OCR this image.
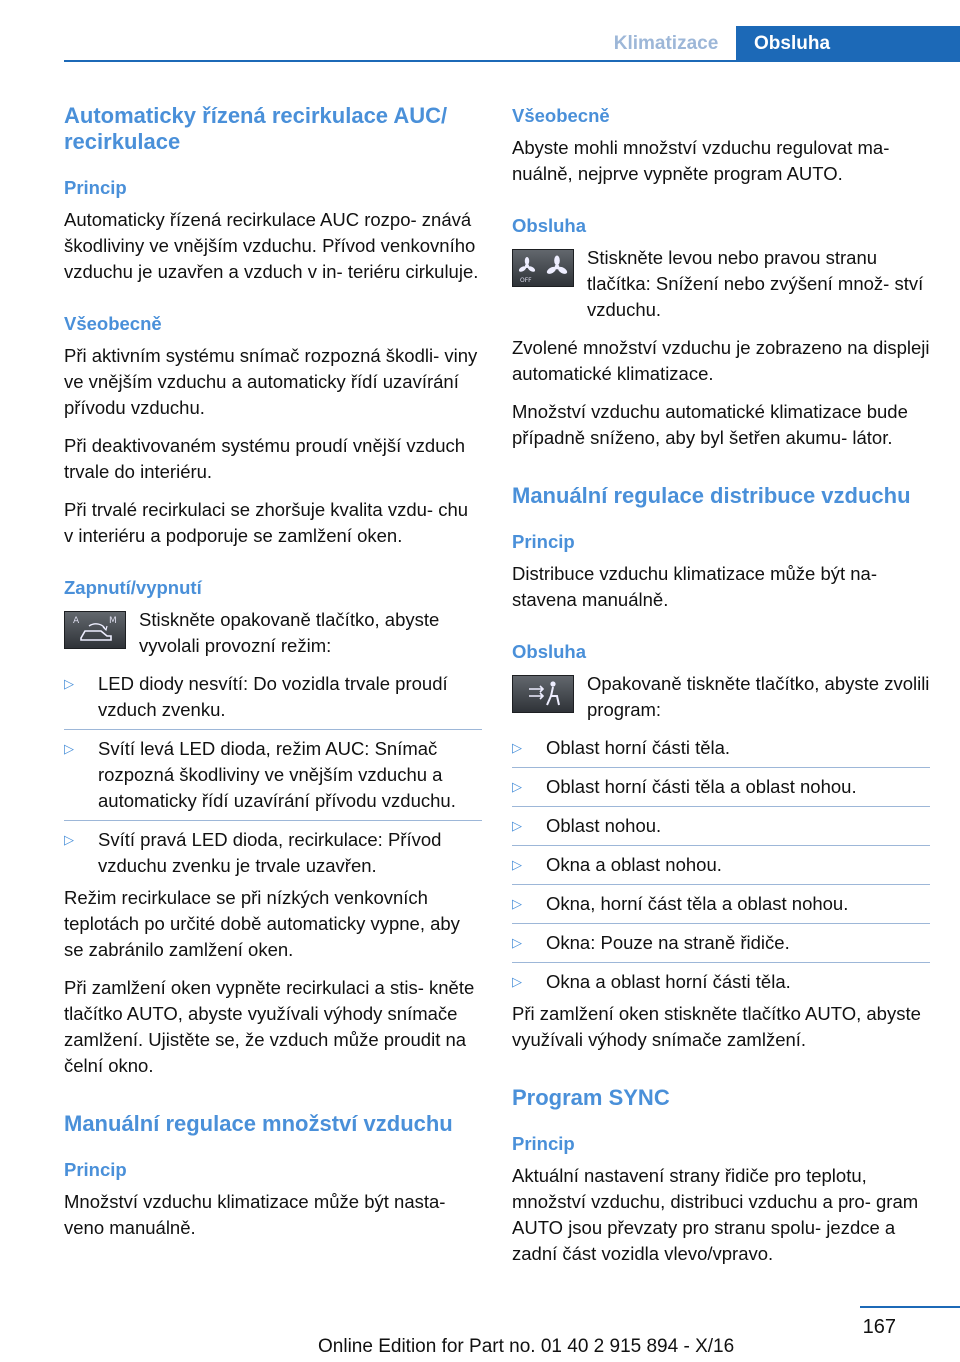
Klimatizace	Obsluha
Automaticky řízená recirkulace AUC/ recirkulace
Princip

Automaticky řízená recirkulace AUC rozpo- znává škodliviny ve vnějším vzduchu. Přívod venkovního vzduchu je uzavřen a vzduch v in- teriéru cirkuluje.

Všeobecně

Při aktivním systému snímač rozpozná škodli- viny ve vnějším vzduchu a automaticky řídí uzavírání přívodu vzduchu.

Při deaktivovaném systému proudí vnější vzduch trvale do interiéru.

Při trvalé recirkulaci se zhoršuje kvalita vzdu- chu v interiéru a podporuje se zamlžení oken.

Zapnutí/vypnutí
A	M Stiskněte opakovaně tlačítko, abyste vyvolali provozní režim:
▷ LED diody nesvítí: Do vozidla trvale proudí vzduch zvenku.
▷ Svítí levá LED dioda, režim AUC: Snímač rozpozná škodliviny ve vnějším vzduchu a automaticky řídí uzavírání přívodu vzduchu.
▷ Svítí pravá LED dioda, recirkulace: Přívod vzduchu zvenku je trvale uzavřen.

Režim recirkulace se při nízkých venkovních teplotách po určité době automaticky vypne, aby se zabránilo zamlžení oken.

Při zamlžení oken vypněte recirkulaci a stis- kněte tlačítko AUTO, abyste využívali výhody snímače zamlžení. Ujistěte se, že vzduch může proudit na čelní okno.

Manuální regulace množství vzduchu
Princip

Množství vzduchu klimatizace může být nasta- veno manuálně.

Všeobecně

Abyste mohli množství vzduchu regulovat ma- nuálně, nejprve vypněte program AUTO.

Obsluha
OFF
Stiskněte levou nebo pravou stranu tlačítka: Snížení nebo zvýšení množ- ství vzduchu.

Zvolené množství vzduchu je zobrazeno na displeji automatické klimatizace.

Množství vzduchu automatické klimatizace bude případně sníženo, aby byl šetřen akumu- látor.

Manuální regulace distribuce vzduchu
Princip

Distribuce vzduchu klimatizace může být na- stavena manuálně.

Obsluha
Opakovaně tiskněte tlačítko, abyste zvolili program:
▷ Oblast horní části těla.
▷ Oblast horní části těla a oblast nohou.
▷ Oblast nohou.
▷ Okna a oblast nohou.
▷ Okna, horní část těla a oblast nohou.
▷ Okna: Pouze na straně řidiče.
▷ Okna a oblast horní části těla.

Při zamlžení oken stiskněte tlačítko AUTO, abyste využívali výhody snímače zamlžení.

Program SYNC
Princip

Aktuální nastavení strany řidiče pro teplotu, množství vzduchu, distribuci vzduchu a pro- gram AUTO jsou převzaty pro stranu spolu- jezdce a zadní část vozidla vlevo/vpravo.

167
Online Edition for Part no. 01 40 2 915 894 - X/16
